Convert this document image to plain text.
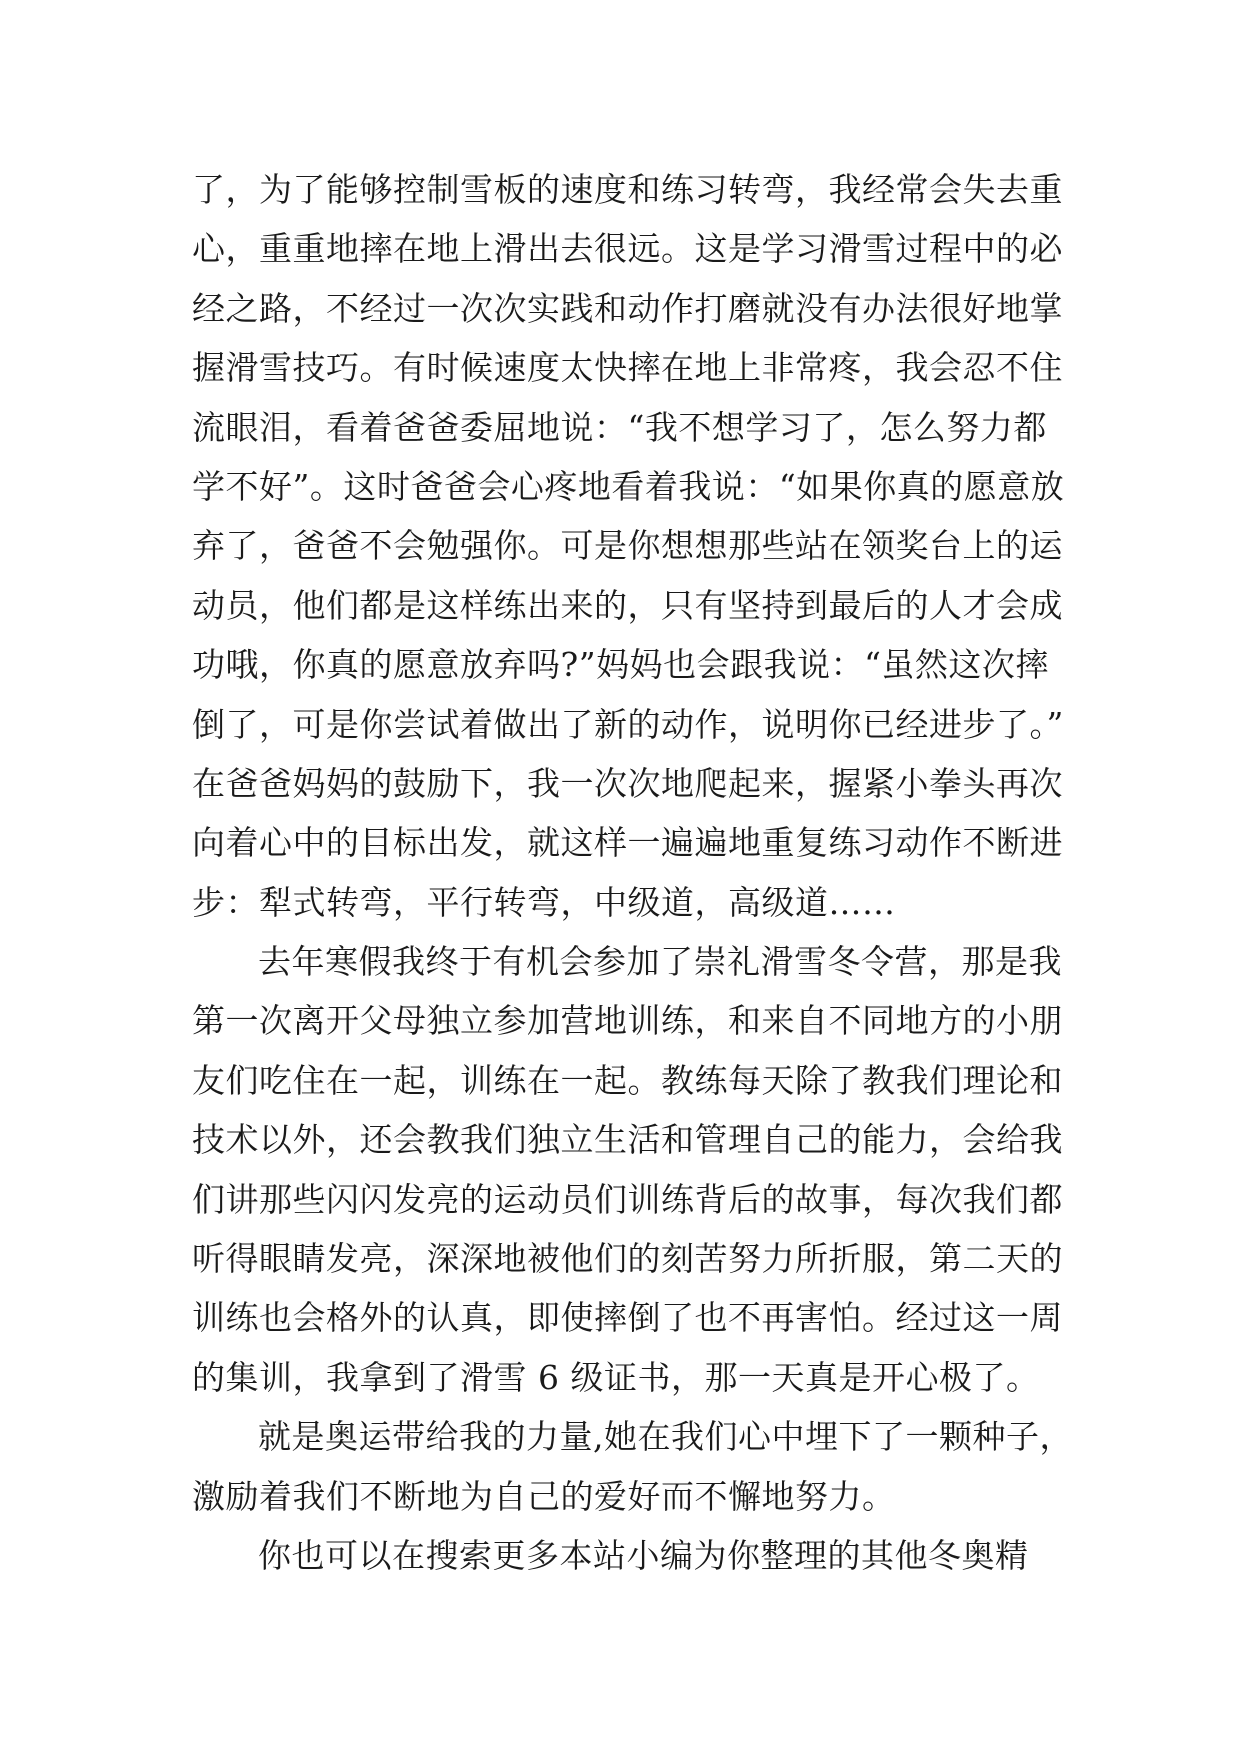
了，为了能够控制雪板的速度和练习转弯，我经常会失去重
心，重重地摔在地上滑出去很远。这是学习滑雪过程中的必
经之路，不经过一次次实践和动作打磨就没有办法很好地掌
握滑雪技巧。有时候速度太快摔在地上非常疼，我会忍不住
流眼泪，看着爸爸委屈地说：“我不想学习了，怎么努力都
学不好”。这时爸爸会心疼地看着我说：“如果你真的愿意放
弃了，爸爸不会勉强你。可是你想想那些站在领奖台上的运
动员，他们都是这样练出来的，只有坚持到最后的人才会成
功哦，你真的愿意放弃吗?”妈妈也会跟我说：“虽然这次摔
倒了，可是你尝试着做出了新的动作，说明你已经进步了。”
在爸爸妈妈的鼓励下，我一次次地爬起来，握紧小拳头再次
向着心中的目标出发，就这样一遍遍地重复练习动作不断进
步：犁式转弯，平行转弯，中级道，高级道……
去年寒假我终于有机会参加了崇礼滑雪冬令营，那是我
第一次离开父母独立参加营地训练，和来自不同地方的小朋
友们吃住在一起，训练在一起。教练每天除了教我们理论和
技术以外，还会教我们独立生活和管理自己的能力，会给我
们讲那些闪闪发亮的运动员们训练背后的故事，每次我们都
听得眼睛发亮，深深地被他们的刻苦努力所折服，第二天的
训练也会格外的认真，即使摔倒了也不再害怕。经过这一周
的集训，我拿到了滑雪 6 级证书，那一天真是开心极了。
就是奥运带给我的力量,她在我们心中埋下了一颗种子，
激励着我们不断地为自己的爱好而不懈地努力。
你也可以在搜索更多本站小编为你整理的其他冬奥精
